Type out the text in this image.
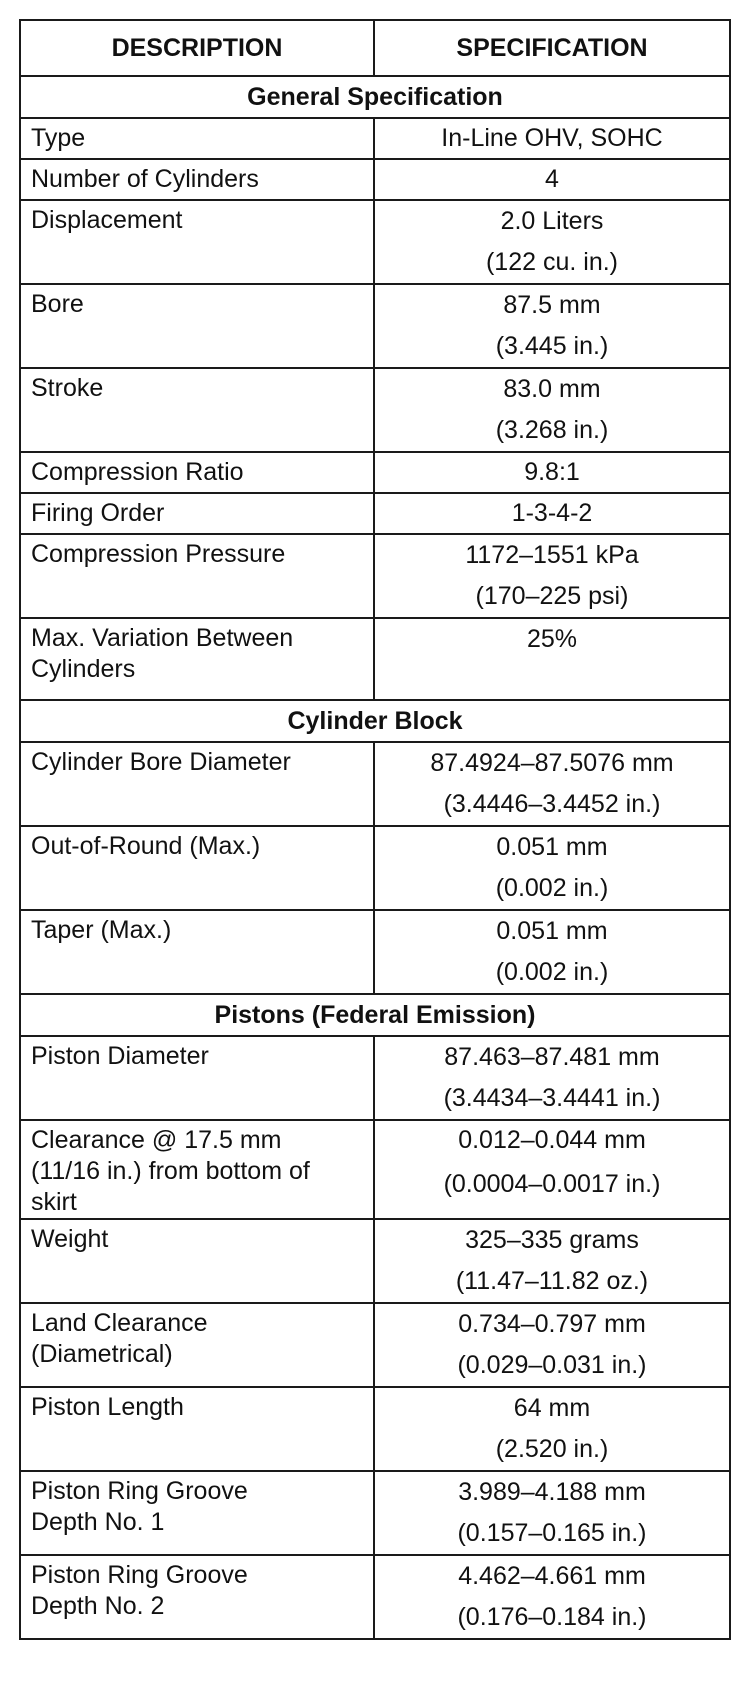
DESCRIPTION	SPECIFICATION
General Specification	

Type	In-Line OHV, SOHC

Number of Cylinders	4

Displacement	2.0 Liters
(122 cu. in.)

Bore	87.5 mm
(3.445 in.)

Stroke	83.0 mm
(3.268 in.)

Compression Ratio	9.8:1

Firing Order	1-3-4-2

Compression Pressure	1172–1551 kPa
(170–225 psi)

Max. Variation Between
Cylinders	25%

Cylinder Block	

Cylinder Bore Diameter	87.4924–87.5076 mm
(3.4446–3.4452 in.)

Out-of-Round (Max.)	0.051 mm
(0.002 in.)

Taper (Max.)	0.051 mm
(0.002 in.)

Pistons (Federal Emission)	

Piston Diameter	87.463–87.481 mm
(3.4434–3.4441 in.)

Clearance @ 17.5 mm
(11/16 in.) from bottom of
skirt	0.012–0.044 mm
(0.0004–0.0017 in.)

Weight	325–335 grams
(11.47–11.82 oz.)

Land Clearance
(Diametrical)	0.734–0.797 mm
(0.029–0.031 in.)

Piston Length	64 mm
(2.520 in.)

Piston Ring Groove
Depth No. 1	3.989–4.188 mm
(0.157–0.165 in.)

Piston Ring Groove
Depth No. 2	4.462–4.661 mm
(0.176–0.184 in.)
